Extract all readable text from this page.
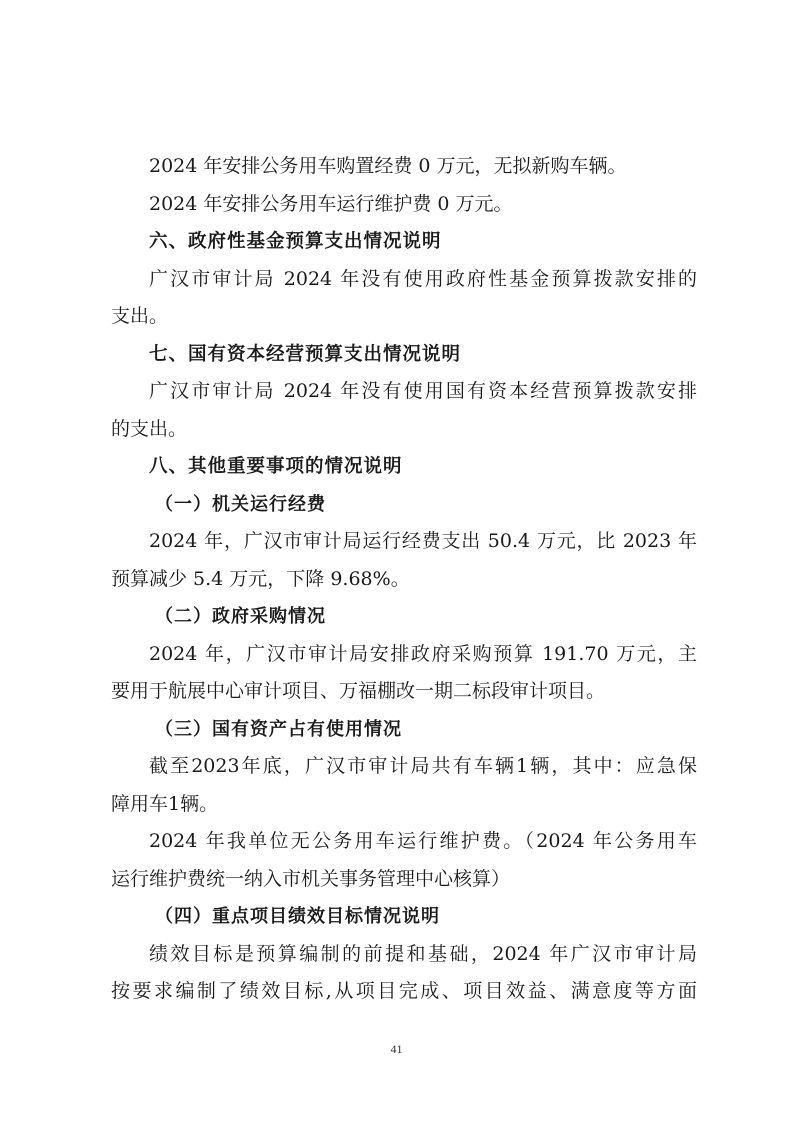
2024 年安排公务用车购置经费 0 万元，无拟新购车辆。
2024 年安排公务用车运行维护费 0 万元。
六、政府性基金预算支出情况说明
广汉市审计局 2024 年没有使用政府性基金预算拨款安排的
支出。
七、国有资本经营预算支出情况说明
广汉市审计局 2024 年没有使用国有资本经营预算拨款安排
的支出。
八、其他重要事项的情况说明
（一）机关运行经费
2024 年，广汉市审计局运行经费支出 50.4 万元，比 2023 年
预算减少 5.4 万元，下降 9.68%。
（二）政府采购情况
2024 年，广汉市审计局安排政府采购预算 191.70 万元，主
要用于航展中心审计项目、万福棚改一期二标段审计项目。
（三）国有资产占有使用情况
截至2023年底，广汉市审计局共有车辆1辆，其中：应急保
障用车1辆。
2024 年我单位无公务用车运行维护费。（2024 年公务用车
运行维护费统一纳入市机关事务管理中心核算）
（四）重点项目绩效目标情况说明
绩效目标是预算编制的前提和基础，2024 年广汉市审计局
按要求编制了绩效目标,从项目完成、项目效益、满意度等方面
41
